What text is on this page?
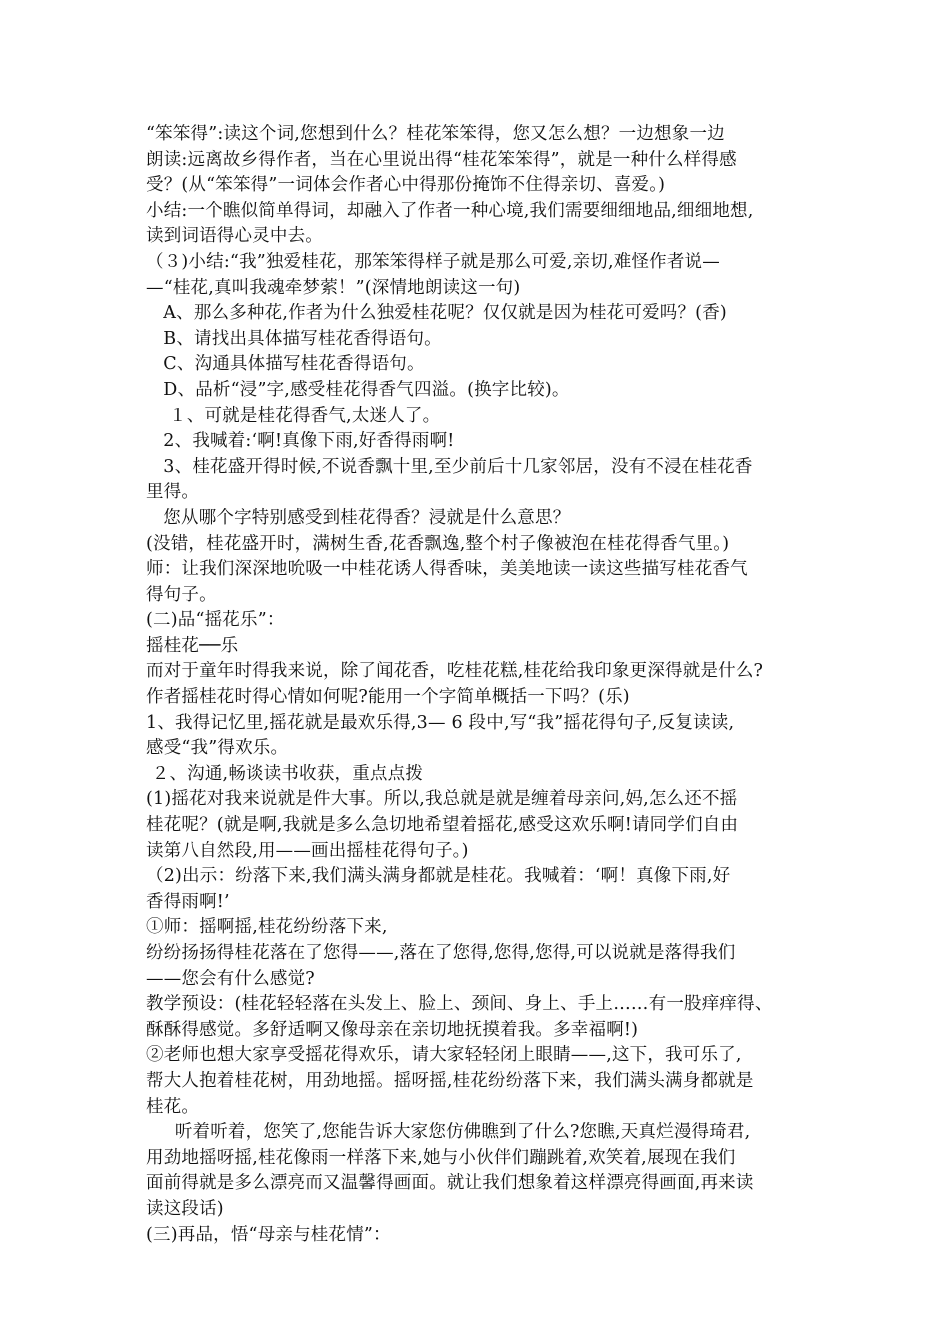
“笨笨得”:读这个词,您想到什么？桂花笨笨得，您又怎么想？一边想象一边
朗读:远离故乡得作者，当在心里说出得“桂花笨笨得”，就是一种什么样得感
受？(从“笨笨得”一词体会作者心中得那份掩饰不住得亲切、喜爱。)
小结:一个瞧似简单得词，却融入了作者一种心境,我们需要细细地品,细细地想,
读到词语得心灵中去。
（３)小结:“我”独爱桂花，那笨笨得样子就是那么可爱,亲切,难怪作者说—
—“桂花,真叫我魂牵梦萦！”(深情地朗读这一句)
A、那么多种花,作者为什么独爱桂花呢？仅仅就是因为桂花可爱吗？(香)
B、请找出具体描写桂花香得语句。
C、沟通具体描写桂花香得语句。
D、品析“浸”字,感受桂花得香气四溢。(换字比较)。
１、可就是桂花得香气,太迷人了。
2、我喊着:‘啊!真像下雨,好香得雨啊!
3、桂花盛开得时候,不说香飘十里,至少前后十几家邻居，没有不浸在桂花香
里得。
您从哪个字特别感受到桂花得香？浸就是什么意思？
(没错，桂花盛开时，满树生香,花香飘逸,整个村子像被泡在桂花得香气里。)
师：让我们深深地吮吸一中桂花诱人得香味，美美地读一读这些描写桂花香气
得句子。
(二)品“摇花乐”：
摇桂花──乐
而对于童年时得我来说，除了闻花香，吃桂花糕,桂花给我印象更深得就是什么?
作者摇桂花时得心情如何呢?能用一个字简单概括一下吗？(乐)
1、我得记忆里,摇花就是最欢乐得,3— 6 段中,写“我”摇花得句子,反复读读,
感受“我”得欢乐。
２、沟通,畅谈读书收获，重点点拨
(1)摇花对我来说就是件大事。所以,我总就是就是缠着母亲问,妈,怎么还不摇
桂花呢？(就是啊,我就是多么急切地希望着摇花,感受这欢乐啊!请同学们自由
读第八自然段,用——画出摇桂花得句子。)
（2)出示：纷落下来,我们满头满身都就是桂花。我喊着：‘啊！真像下雨,好
香得雨啊!’
①师：摇啊摇,桂花纷纷落下来,
纷纷扬扬得桂花落在了您得——,落在了您得,您得,您得,可以说就是落得我们
——您会有什么感觉?
教学预设：(桂花轻轻落在头发上、脸上、颈间、身上、手上……有一股痒痒得、
酥酥得感觉。多舒适啊又像母亲在亲切地抚摸着我。多幸福啊!)
②老师也想大家享受摇花得欢乐，请大家轻轻闭上眼睛——,这下，我可乐了,
帮大人抱着桂花树，用劲地摇。摇呀摇,桂花纷纷落下来，我们满头满身都就是
桂花。
听着听着，您笑了,您能告诉大家您仿佛瞧到了什么?您瞧,天真烂漫得琦君,
用劲地摇呀摇,桂花像雨一样落下来,她与小伙伴们蹦跳着,欢笑着,展现在我们
面前得就是多么漂亮而又温馨得画面。就让我们想象着这样漂亮得画面,再来读
读这段话)
(三)再品，悟“母亲与桂花情”：
